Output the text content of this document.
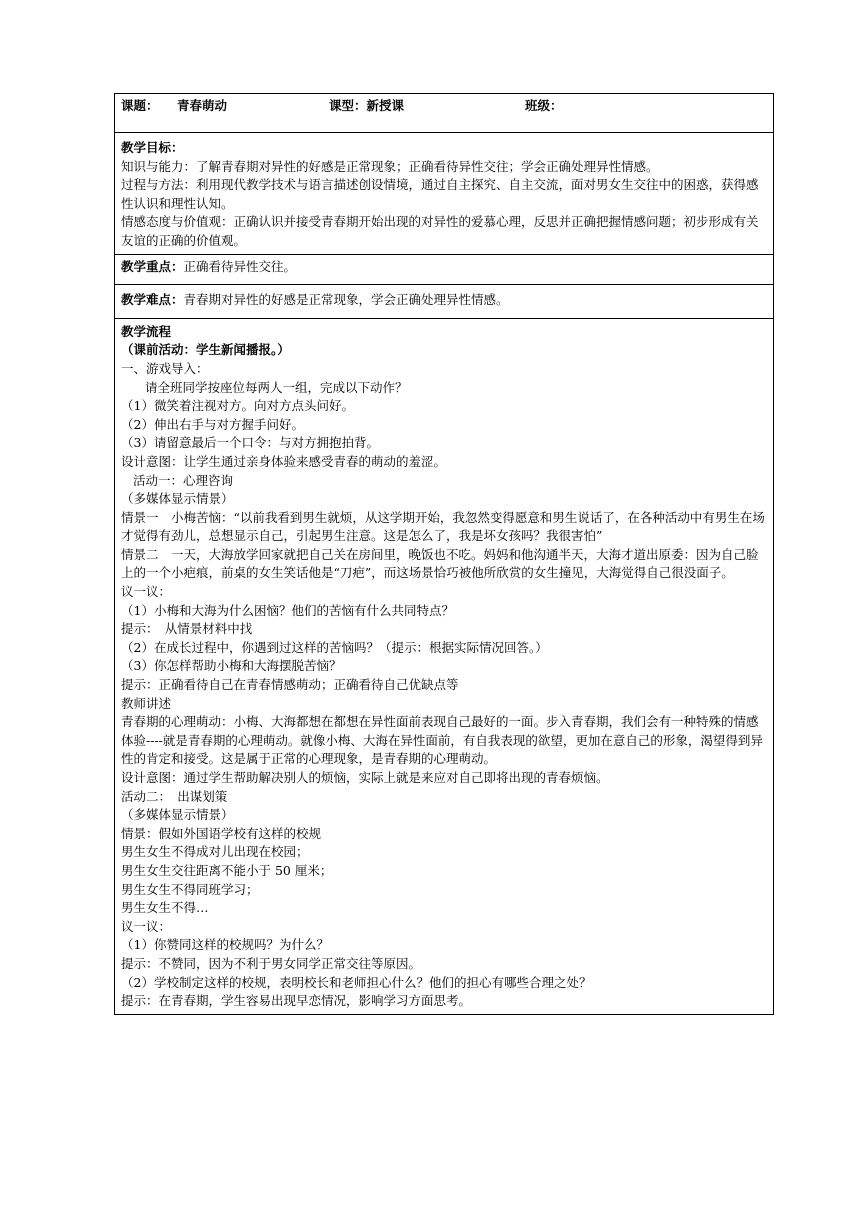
课题： 青春萌动	课型：新授课	班级：

教学目标：
知识与能力：了解青春期对异性的好感是正常现象；正确看待异性交往；学会正确处理异性情感。
过程与方法：利用现代教学技术与语言描述创设情境，通过自主探究、自主交流，面对男女生交往中的困惑，获得感性认识和理性认知。
情感态度与价值观：正确认识并接受青春期开始出现的对异性的爱慕心理，反思并正确把握情感问题；初步形成有关友谊的正确的价值观。

教学重点：正确看待异性交往。
教学难点：青春期对异性的好感是正常现象，学会正确处理异性情感。

教学流程
（课前活动：学生新闻播报。）
一、游戏导入：
请全班同学按座位每两人一组，完成以下动作？
（1）微笑着注视对方。向对方点头问好。
（2）伸出右手与对方握手问好。
（3）请留意最后一个口令：与对方拥抱拍背。
设计意图：让学生通过亲身体验来感受青春的萌动的羞涩。
活动一：心理咨询
（多媒体显示情景）
情景一　小梅苦恼：“以前我看到男生就烦，从这学期开始，我忽然变得愿意和男生说话了，在各种活动中有男生在场才觉得有劲儿，总想显示自己，引起男生注意。这是怎么了，我是坏女孩吗？我很害怕”
情景二　一天，大海放学回家就把自己关在房间里，晚饭也不吃。妈妈和他沟通半天，大海才道出原委：因为自己脸上的一个小疤痕，前桌的女生笑话他是“刀疤”，而这场景恰巧被他所欣赏的女生撞见，大海觉得自己很没面子。
议一议：
（1）小梅和大海为什么困恼？他们的苦恼有什么共同特点？
提示：　从情景材料中找
（2）在成长过程中，你遇到过这样的苦恼吗？（提示：根据实际情况回答。）
（3）你怎样帮助小梅和大海摆脱苦恼？
提示：正确看待自己在青春情感萌动；正确看待自己优缺点等
教师讲述
青春期的心理萌动：小梅、大海都想在都想在异性面前表现自己最好的一面。步入青春期，我们会有一种特殊的情感体验----就是青春期的心理萌动。就像小梅、大海在异性面前，有自我表现的欲望，更加在意自己的形象，渴望得到异性的肯定和接受。这是属于正常的心理现象，是青春期的心理萌动。
设计意图：通过学生帮助解决别人的烦恼，实际上就是来应对自己即将出现的青春烦恼。
活动二：　出谋划策
（多媒体显示情景）
情景：假如外国语学校有这样的校规
男生女生不得成对儿出现在校园；
男生女生交往距离不能小于 50 厘米；
男生女生不得同班学习；
男生女生不得…
议一议：
（1）你赞同这样的校规吗？为什么？
提示：不赞同，因为不利于男女同学正常交往等原因。
（2）学校制定这样的校规，表明校长和老师担心什么？他们的担心有哪些合理之处？
提示：在青春期，学生容易出现早恋情况，影响学习方面思考。
